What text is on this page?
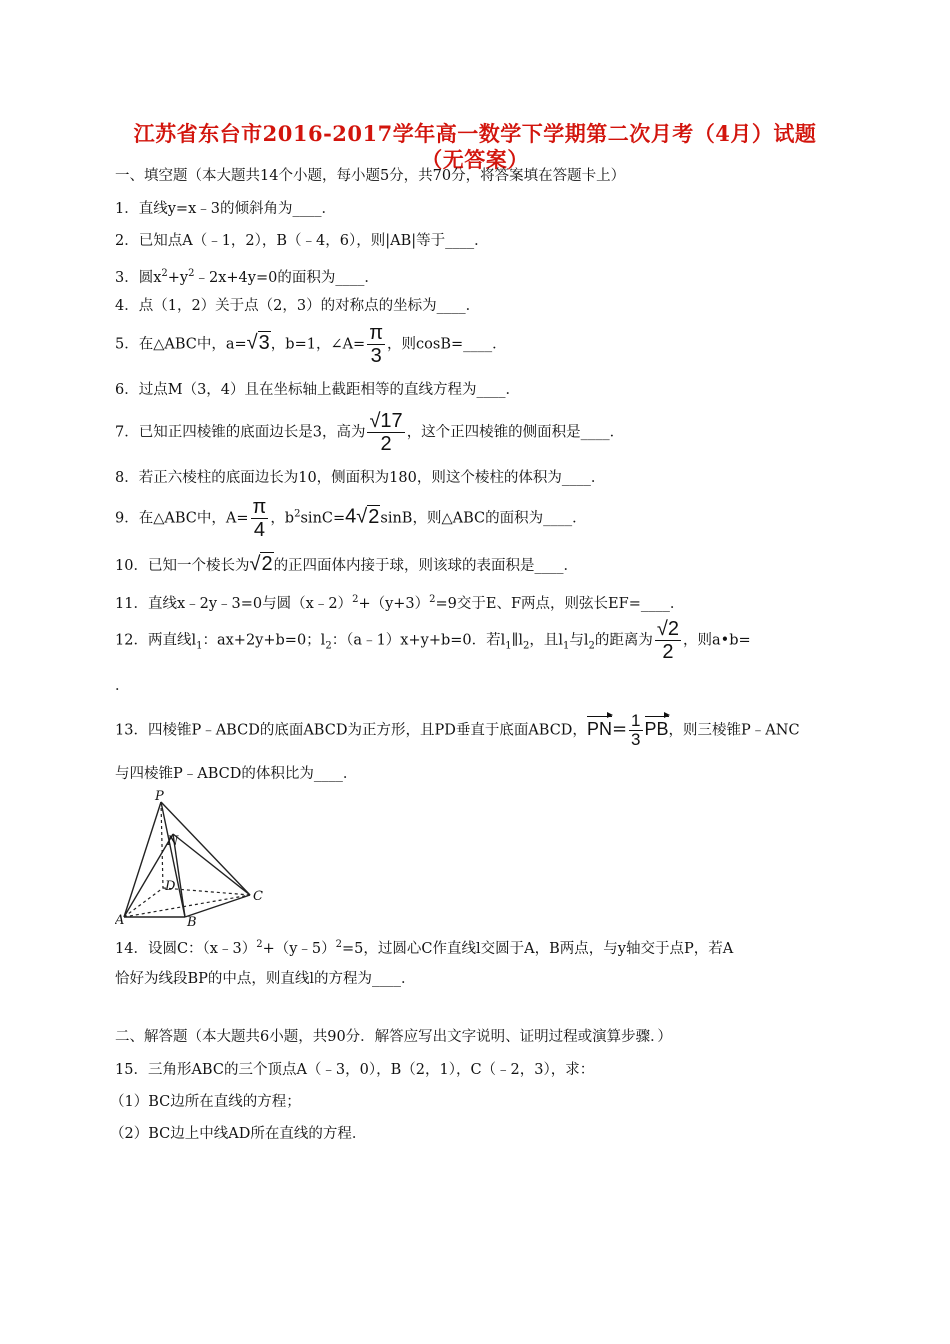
江苏省东台市2016-2017学年高一数学下学期第二次月考（4月）试题
（无答案）
一、填空题（本大题共14个小题，每小题5分，共70分，将答案填在答题卡上）
1．直线y=x﹣3的倾斜角为____．
2．已知点A（﹣1，2），B（﹣4，6），则|AB|等于____．
3．圆$x^2+y^2﹣2x+4y=0$的面积为____．
4．点（1，2）关于点（2，3）的对称点的坐标为____．
5．在△ABC中，a=√3，b=1，∠A= $\frac{\pi}{3}$ ，则cosB=____．
6．过点M（3，4）且在坐标轴上截距相等的直线方程为____．
7．已知正四棱锥的底面边长是3，高为 $\frac{√17}{2}$ ，这个正四棱锥的侧面积是____．
8．若正六棱柱的底面边长为10，侧面积为180，则这个棱柱的体积为____．
9．在△ABC中，$A= \frac{\pi}{4}$ ，$b^2\sin C=4√2\sin B$，则△ABC的面积为____．
10．已知一个棱长为√2的正四面体内接于球，则该球的表面积是____．
11．直线x﹣2y﹣3=0与圆$(x﹣2)^2+(y+3)^2=9$交于E、F两点，则弦长EF=____．
12．两直线$l_1$：ax+2y+b=0；$l_2$：（a﹣1）x+y+b=0．若$l_1\parallel l_2$，且$l_1$与$l_2$的距离为 $\frac{√2}{2}$ ，则a•b=
．
13．四棱锥P﹣ABCD的底面ABCD为正方形，且PD垂直于底面ABCD，$PN= \frac{1}{3}$ PB，则三棱锥P﹣ANC
与四棱锥P﹣ABCD的体积比为____．
P
N
D
C
A	B
14．设圆C：（x﹣3）$^2$+（y﹣5）$^2$=5，过圆心C作直线l交圆于A，B两点，与y轴交于点P，若A
恰好为线段BP的中点，则直线l的方程为____．
二、解答题（本大题共6小题，共90分．解答应写出文字说明、证明过程或演算步骤．）
15．三角形ABC的三个顶点A（﹣3，0），B（2，1），C（﹣2，3），求：
（1）BC边所在直线的方程；
（2）BC边上中线AD所在直线的方程．
